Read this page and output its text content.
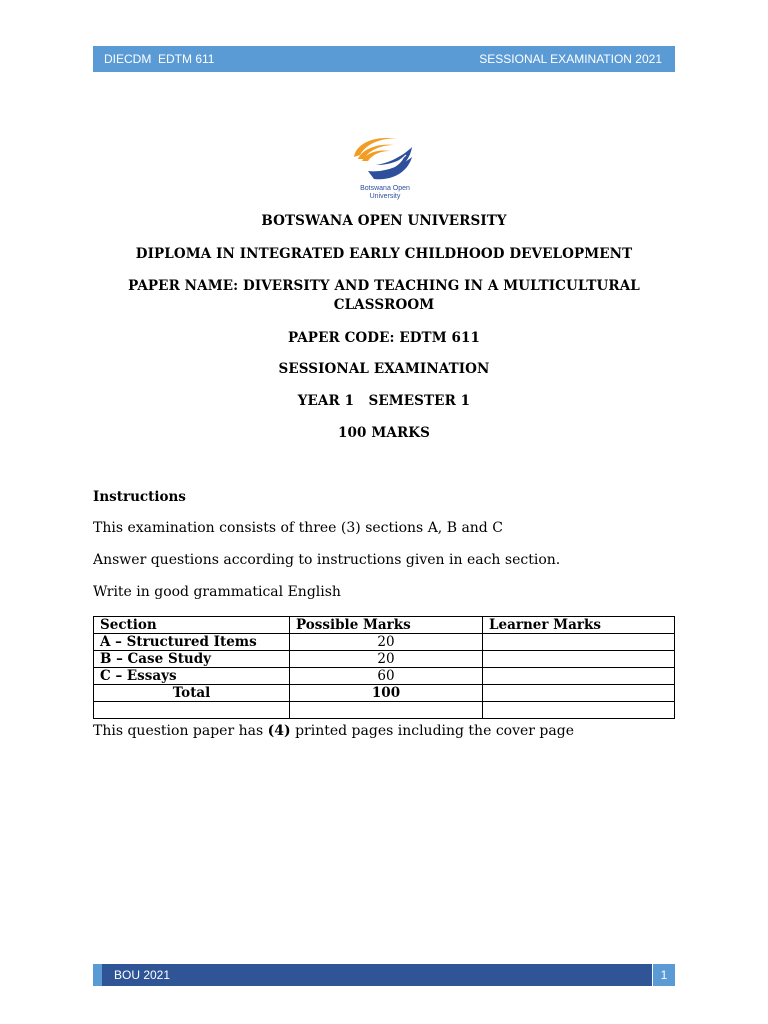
DIECDM  EDTM 611	SESSIONAL EXAMINATION 2021
Botswana Open
University
BOTSWANA OPEN UNIVERSITY
DIPLOMA IN INTEGRATED EARLY CHILDHOOD DEVELOPMENT
PAPER NAME: DIVERSITY AND TEACHING IN A MULTICULTURAL
CLASSROOM
PAPER CODE: EDTM 611
SESSIONAL EXAMINATION
YEAR 1   SEMESTER 1
100 MARKS
Instructions
This examination consists of three (3) sections A, B and C
Answer questions according to instructions given in each section.
Write in good grammatical English
Section	Possible Marks	Learner Marks
A – Structured Items	20	
B – Case Study	20	
C – Essays	60	
Total	100	

This question paper has (4) printed pages including the cover page
BOU 2021	1
